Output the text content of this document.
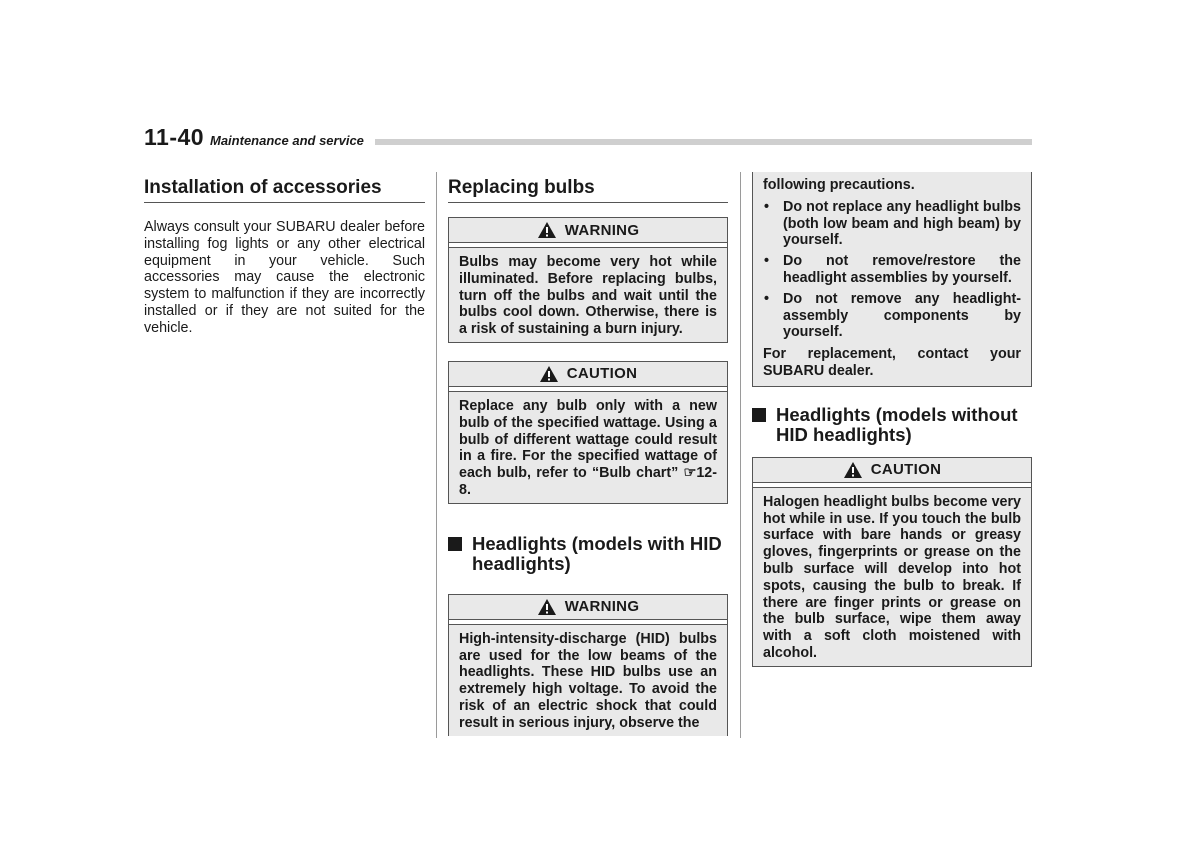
11-40 Maintenance and service
Installation of accessories
Always consult your SUBARU dealer before installing fog lights or any other electrical equipment in your vehicle. Such accessories may cause the electronic system to malfunction if they are incorrectly installed or if they are not suited for the vehicle.
Replacing bulbs
WARNING
Bulbs may become very hot while illuminated. Before replacing bulbs, turn off the bulbs and wait until the bulbs cool down. Otherwise, there is a risk of sustaining a burn injury.
CAUTION
Replace any bulb only with a new bulb of the specified wattage. Using a bulb of different wattage could result in a fire. For the specified wattage of each bulb, refer to “Bulb chart” ☞12-8.
Headlights (models with HID headlights)
WARNING
High-intensity-discharge (HID) bulbs are used for the low beams of the headlights. These HID bulbs use an extremely high voltage. To avoid the risk of an electric shock that could result in serious injury, observe the

following precautions.

• Do not replace any headlight bulbs (both low beam and high beam) by yourself.
• Do not remove/restore the headlight assemblies by yourself.
• Do not remove any headlight-assembly components by yourself.

For replacement, contact your SUBARU dealer.

Headlights (models without HID headlights)
CAUTION
Halogen headlight bulbs become very hot while in use. If you touch the bulb surface with bare hands or greasy gloves, fingerprints or grease on the bulb surface will develop into hot spots, causing the bulb to break. If there are finger prints or grease on the bulb surface, wipe them away with a soft cloth moistened with alcohol.
